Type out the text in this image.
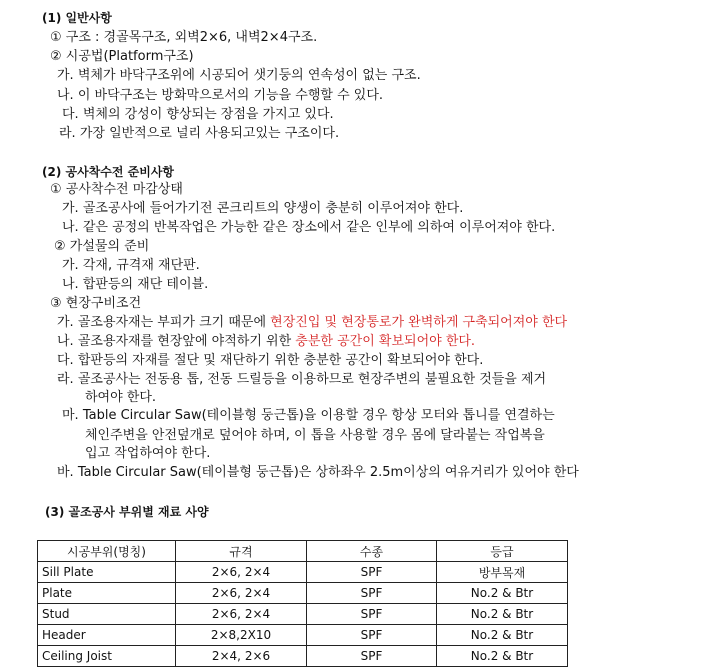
(1) 일반사항
① 구조 : 경골목구조, 외벽2×6, 내벽2×4구조.
② 시공법(Platform구조)
가. 벽체가 바닥구조위에 시공되어 샛기둥의 연속성이 없는 구조.
나. 이 바닥구조는 방화막으로서의 기능을 수행할 수 있다.
다. 벽체의 강성이 향상되는 장점을 가지고 있다.
라. 가장 일반적으로 널리 사용되고있는 구조이다.
(2) 공사착수전 준비사항
① 공사착수전 마감상태
가. 골조공사에 들어가기전 콘크리트의 양생이 충분히 이루어져야 한다.
나. 같은 공정의 반복작업은 가능한 같은 장소에서 같은 인부에 의하여 이루어져야 한다.
② 가설물의 준비
가. 각재, 규격재 재단판.
나. 합판등의 재단 테이블.
③ 현장구비조건
가. 골조용자재는 부피가 크기 때문에 현장진입 및 현장통로가 완벽하게 구축되어져야 한다
나. 골조용자재를 현장앞에 야적하기 위한 충분한 공간이 확보되어야 한다.
다. 합판등의 자재를 절단 및 재단하기 위한 충분한 공간이 확보되어야 한다.
라. 골조공사는 전동용 톱, 전동 드릴등을 이용하므로 현장주변의 불필요한 것들을 제거
하여야 한다.
마. Table Circular Saw(테이블형 둥근톱)을 이용할 경우 항상 모터와 톱니를 연결하는
체인주변을 안전덮개로 덮어야 하며, 이 톱을 사용할 경우 몸에 달라붙는 작업복을
입고 작업하여야 한다.
바. Table Circular Saw(테이블형 둥근톱)은 상하좌우 2.5m이상의 여유거리가 있어야 한다
(3) 골조공사 부위별 재료 사양
시공부위(명칭)	규격	수종	등급
Sill Plate	2×6, 2×4	SPF	방부목재
Plate	2×6, 2×4	SPF	No.2 & Btr
Stud	2×6, 2×4	SPF	No.2 & Btr
Header	2×8,2X10	SPF	No.2 & Btr
Ceiling Joist	2×4, 2×6	SPF	No.2 & Btr
